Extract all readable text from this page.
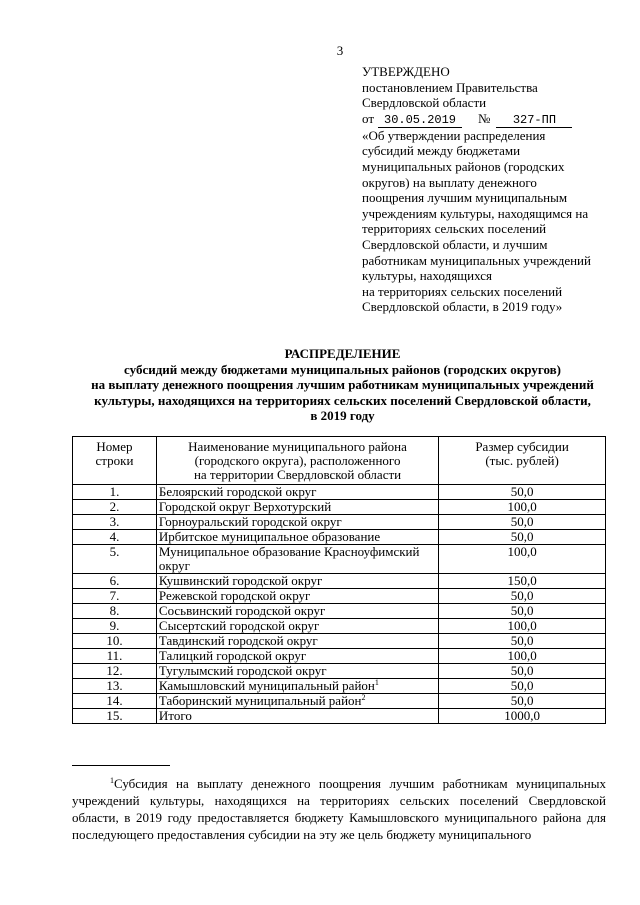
3
УТВЕРЖДЕНО
постановлением Правительства
Свердловской области
от 30.05.2019	№	327-ПП
«Об утверждении распределения
субсидий между бюджетами
муниципальных районов (городских
округов) на выплату денежного
поощрения лучшим муниципальным
учреждениям культуры, находящимся на
территориях сельских поселений
Свердловской области, и лучшим
работникам муниципальных учреждений
культуры, находящихся
на территориях сельских поселений
Свердловской области, в 2019 году»
РАСПРЕДЕЛЕНИЕ
субсидий между бюджетами муниципальных районов (городских округов)
на выплату денежного поощрения лучшим работникам муниципальных учреждений
культуры, находящихся на территориях сельских поселений Свердловской области,
в 2019 году
Номер строки	Наименование муниципального района (городского округа), расположенного на территории Свердловской области	Размер субсидии (тыс. рублей)
1.	Белоярский городской округ	50,0
2.	Городской округ Верхотурский	100,0
3.	Горноуральский городской округ	50,0
4.	Ирбитское муниципальное образование	50,0
5.	Муниципальное образование Красноуфимский округ	100,0
6.	Кушвинский городской округ	150,0
7.	Режевской городской округ	50,0
8.	Сосьвинский городской округ	50,0
9.	Сысертский городской округ	100,0
10.	Тавдинский городской округ	50,0
11.	Талицкий городской округ	100,0
12.	Тугулымский городской округ	50,0
13.	Камышловский муниципальный район$^1$	50,0
14.	Таборинский муниципальный район$^2$	50,0
15.	Итого	1000,0
$^1$Субсидия на выплату денежного поощрения лучшим работникам муниципальных учреждений культуры, находящихся на территориях сельских поселений Свердловской области, в 2019 году предоставляется бюджету Камышловского муниципального района для последующего предоставления субсидии на эту же цель бюджету муниципального
